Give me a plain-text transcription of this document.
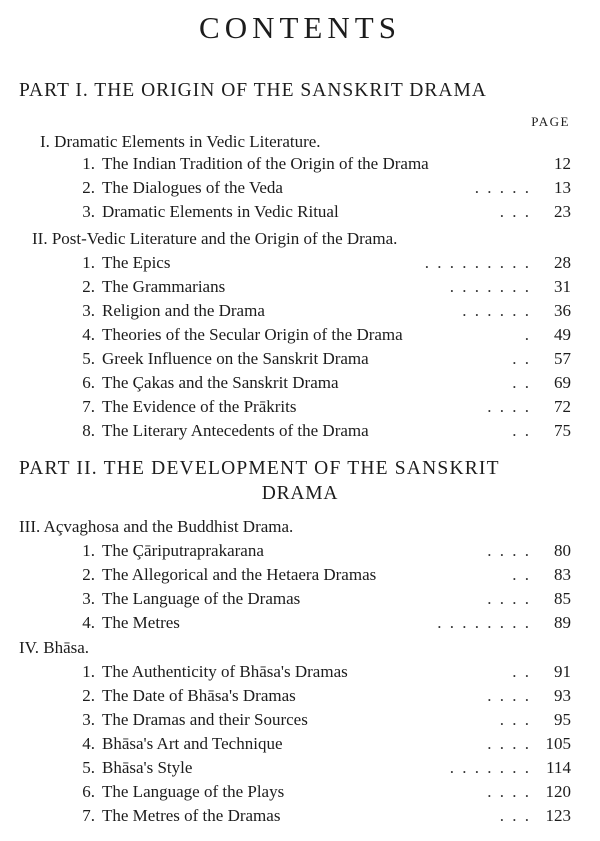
CONTENTS
PART I. THE ORIGIN OF THE SANSKRIT DRAMA
PAGE
I. Dramatic Elements in Vedic Literature.
1. The Indian Tradition of the Origin of the Drama	12
2. The Dialogues of the Veda	. . . . .	13
3. Dramatic Elements in Vedic Ritual	. . .	23
II. Post-Vedic Literature and the Origin of the Drama.
1. The Epics	. . . . . . . . .	28
2. The Grammarians	. . . . . . .	31
3. Religion and the Drama	. . . . . .	36
4. Theories of the Secular Origin of the Drama	.	49
5. Greek Influence on the Sanskrit Drama	. .	57
6. The Çakas and the Sanskrit Drama	. .	69
7. The Evidence of the Prākrits	. . . .	72
8. The Literary Antecedents of the Drama	. .	75
PART II. THE DEVELOPMENT OF THE SANSKRIT
DRAMA
III. Açvaghosa and the Buddhist Drama.
1. The Çāriputraprakarana	. . . .	80
2. The Allegorical and the Hetaera Dramas	. .	83
3. The Language of the Dramas	. . . .	85
4. The Metres	. . . . . . . .	89
IV. Bhāsa.
1. The Authenticity of Bhāsa's Dramas	. .	91
2. The Date of Bhāsa's Dramas	. . . .	93
3. The Dramas and their Sources	. . .	95
4. Bhāsa's Art and Technique	. . . . 105
5. Bhāsa's Style	. . . . . . . 114
6. The Language of the Plays	. . . . 120
7. The Metres of the Dramas	. . . 123
